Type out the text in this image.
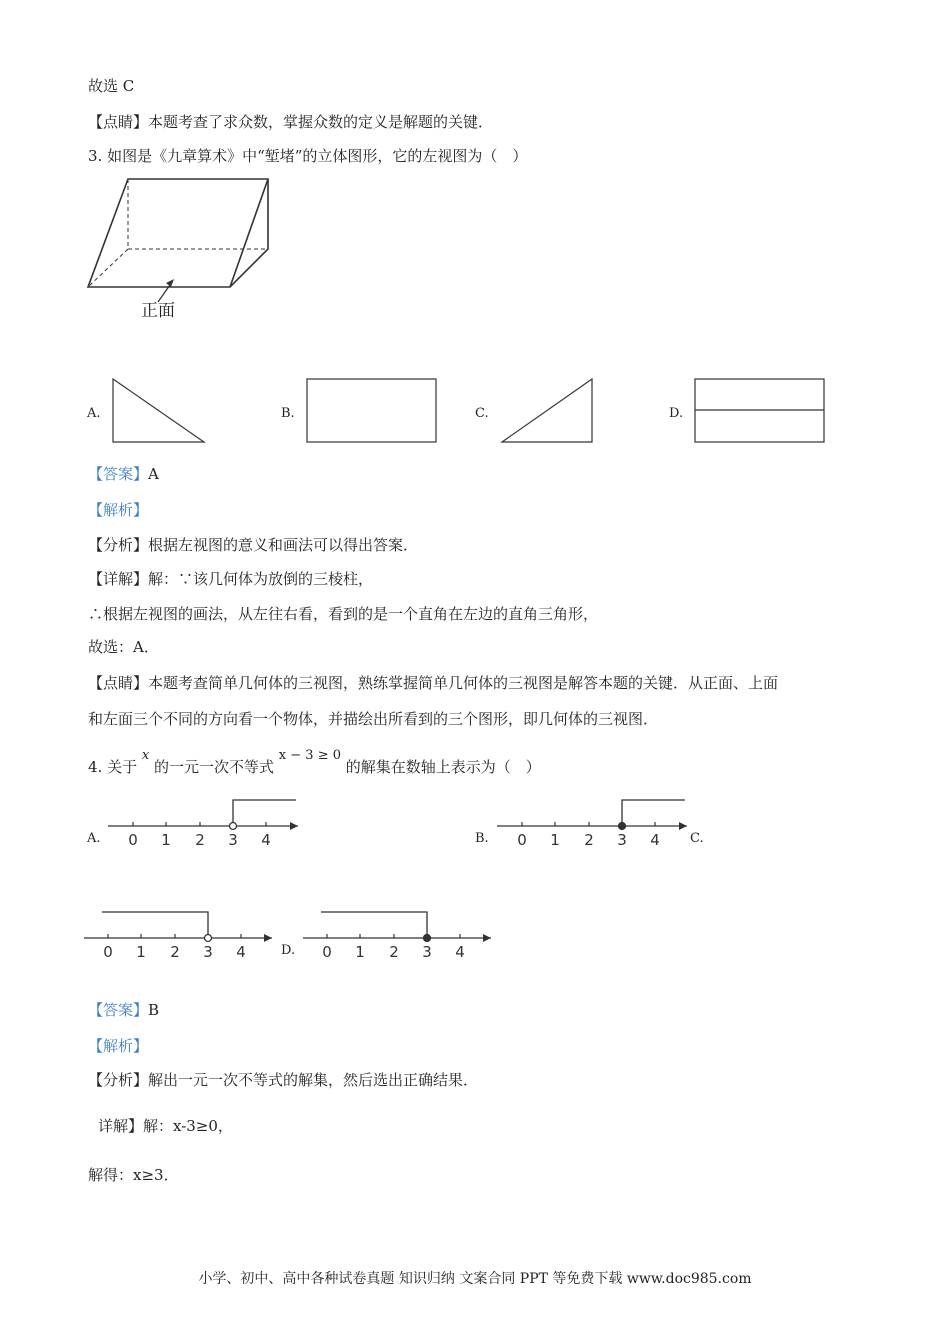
故选 C
【点睛】本题考查了求众数，掌握众数的定义是解题的关键．
3. 如图是《九章算术》中“堑堵”的立体图形，它的左视图为（　）
正面
A.	B.	C.	D.
【答案】A
【解析】
【分析】根据左视图的意义和画法可以得出答案．
【详解】解：∵该几何体为放倒的三棱柱，
∴根据左视图的画法，从左往右看，看到的是一个直角在左边的直角三角形，
故选：A．
【点睛】本题考查简单几何体的三视图，熟练掌握简单几何体的三视图是解答本题的关键．从正面、上面
和左面三个不同的方向看一个物体，并描绘出所看到的三个图形，即几何体的三视图．
4. 关于 x 的一元一次不等式 x − 3 ≥ 0 的解集在数轴上表示为（　）
A. 0 1 2 3 4	B. 0 1 2 3 4 C.
0 1 2 3 4	D. 0 1 2 3 4
【答案】B
【解析】
【分析】解出一元一次不等式的解集，然后选出正确结果．
详解】解：x-3≥0，
解得：x≥3．
小学、初中、高中各种试卷真题 知识归纳 文案合同 PPT 等免费下载 www.doc985.com
